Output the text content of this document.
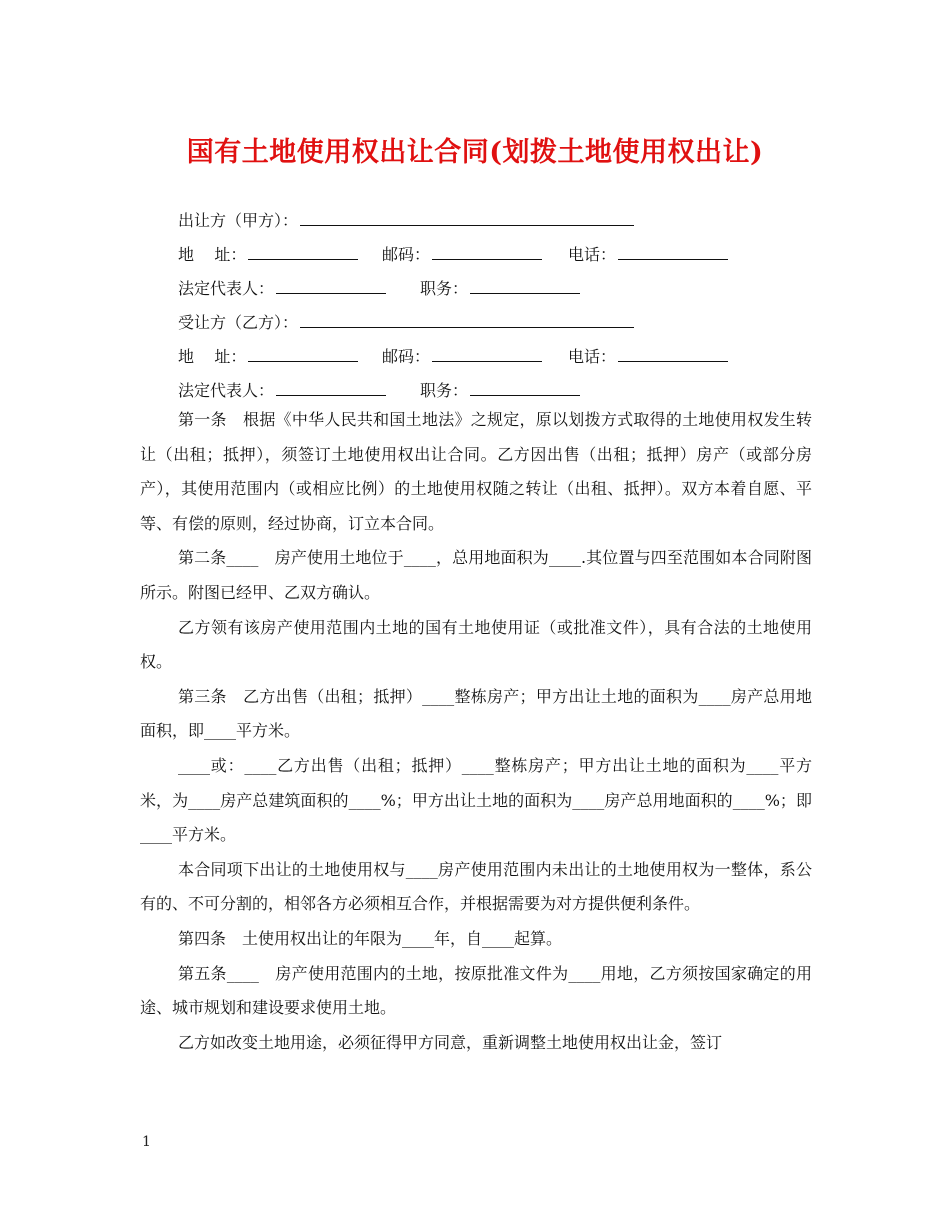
国有土地使用权出让合同(划拨土地使用权出让)
出让方（甲方）：
地    址：	邮码：	电话：
法定代表人：	职务：
受让方（乙方）：
地    址：	邮码：	电话：
法定代表人：	职务：

第一条　根据《中华人民共和国土地法》之规定，原以划拨方式取得的土地使用权发生转让（出租；抵押），须签订土地使用权出让合同。乙方因出售（出租；抵押）房产（或部分房产），其使用范围内（或相应比例）的土地使用权随之转让（出租、抵押）。双方本着自愿、平等、有偿的原则，经过协商，订立本合同。

第二条____　房产使用土地位于____，总用地面积为____.其位置与四至范围如本合同附图所示。附图已经甲、乙双方确认。

乙方领有该房产使用范围内土地的国有土地使用证（或批准文件），具有合法的土地使用权。

第三条　乙方出售（出租；抵押）____整栋房产；甲方出让土地的面积为____房产总用地面积，即____平方米。

____或：____乙方出售（出租；抵押）____整栋房产；甲方出让土地的面积为____平方米，为____房产总建筑面积的____%；甲方出让土地的面积为____房产总用地面积的____%；即____平方米。

本合同项下出让的土地使用权与____房产使用范围内未出让的土地使用权为一整体，系公有的、不可分割的，相邻各方必须相互合作，并根据需要为对方提供便利条件。

第四条　土使用权出让的年限为____年，自____起算。

第五条____　房产使用范围内的土地，按原批准文件为____用地，乙方须按国家确定的用途、城市规划和建设要求使用土地。

乙方如改变土地用途，必须征得甲方同意，重新调整土地使用权出让金，签订

1
